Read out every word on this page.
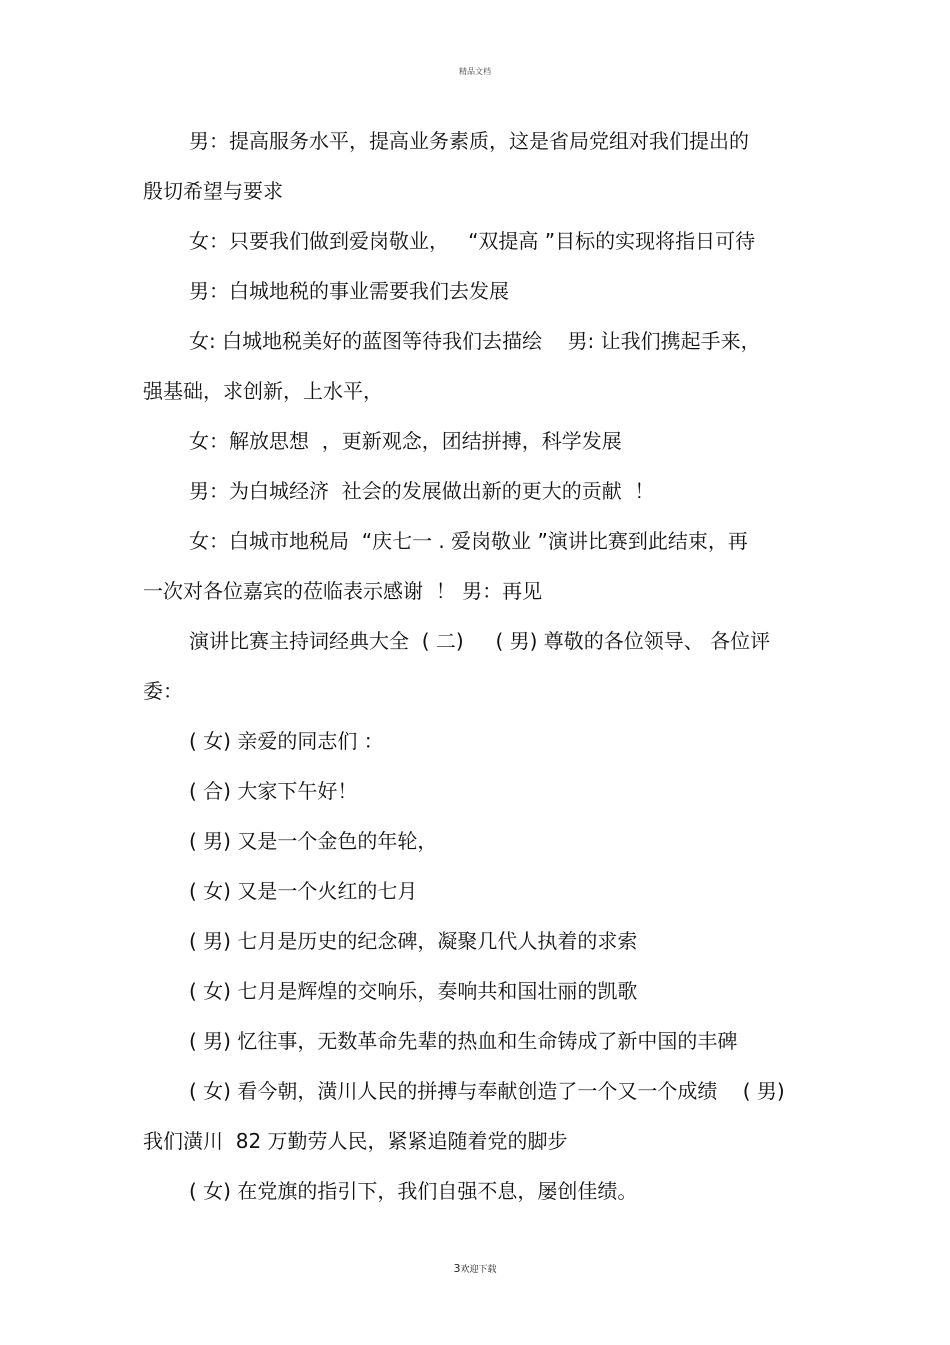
精品文档
男：提高服务水平，提高业务素质，这是省局党组对我们提出的
殷切希望与要求
女：只要我们做到爱岗敬业，   “双提高 ”目标的实现将指日可待
男：白城地税的事业需要我们去发展
女: 白城地税美好的蓝图等待我们去描绘    男: 让我们携起手来，
强基础，求创新，上水平，
女：解放思想  ，更新观念，团结拼搏，科学发展
男：为白城经济  社会的发展做出新的更大的贡献  ！
女：白城市地税局  “庆七一 . 爱岗敬业 ”演讲比赛到此结束，再
一次对各位嘉宾的莅临表示感谢  ！ 男：再见
演讲比赛主持词经典大全  ( 二)     ( 男) 尊敬的各位领导、 各位评
委：
( 女) 亲爱的同志们 ：
( 合) 大家下午好！
( 男) 又是一个金色的年轮，
( 女) 又是一个火红的七月
( 男) 七月是历史的纪念碑，凝聚几代人执着的求索
( 女) 七月是辉煌的交响乐，奏响共和国壮丽的凯歌
( 男) 忆往事，无数革命先辈的热血和生命铸成了新中国的丰碑
( 女) 看今朝，潢川人民的拼搏与奉献创造了一个又一个成绩    ( 男)
我们潢川  82 万勤劳人民，紧紧追随着党的脚步
( 女) 在党旗的指引下，我们自强不息，屡创佳绩。
3欢迎下载
